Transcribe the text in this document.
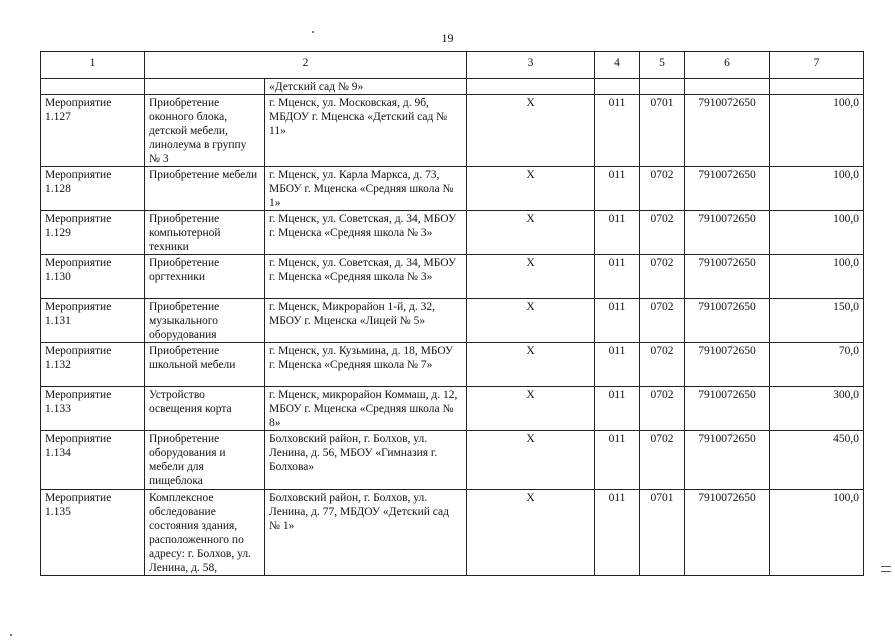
19
1	2		3	4	5	6	7
		«Детский сад № 9»					
Мероприятие 1.127	Приобретение оконного блока, детской мебели, линолеума в группу № 3	г. Мценск, ул. Московская, д. 9б, МБДОУ г. Мценска «Детский сад № 11»	X	011	0701	7910072650	100,0
Мероприятие 1.128	Приобретение мебели	г. Мценск, ул. Карла Маркса, д. 73, МБОУ г. Мценска «Средняя школа № 1»	X	011	0702	7910072650	100,0
Мероприятие 1.129	Приобретение компьютерной техники	г. Мценск, ул. Советская, д. 34, МБОУ г. Мценска «Средняя школа № 3»	X	011	0702	7910072650	100,0
Мероприятие 1.130	Приобретение оргтехники	г. Мценск, ул. Советская, д. 34, МБОУ г. Мценска «Средняя школа № 3»	X	011	0702	7910072650	100,0
Мероприятие 1.131	Приобретение музыкального оборудования	г. Мценск, Микрорайон 1-й, д. 32, МБОУ г. Мценска «Лицей № 5»	X	011	0702	7910072650	150,0
Мероприятие 1.132	Приобретение школьной мебели	г. Мценск, ул. Кузьмина, д. 18, МБОУ г. Мценска «Средняя школа № 7»	X	011	0702	7910072650	70,0
Мероприятие 1.133	Устройство освещения корта	г. Мценск, микрорайон Коммаш, д. 12, МБОУ г. Мценска «Средняя школа № 8»	X	011	0702	7910072650	300,0
Мероприятие 1.134	Приобретение оборудования и мебели для пищеблока	Болховский район, г. Болхов, ул. Ленина, д. 56, МБОУ «Гимназия г. Болхова»	X	011	0702	7910072650	450,0
Мероприятие 1.135	Комплексное обследование состояния здания, расположенного по адресу: г. Болхов, ул. Ленина, д. 58,	Болховский район, г. Болхов, ул. Ленина, д. 77, МБДОУ «Детский сад № 1»	X	011	0701	7910072650	100,0
